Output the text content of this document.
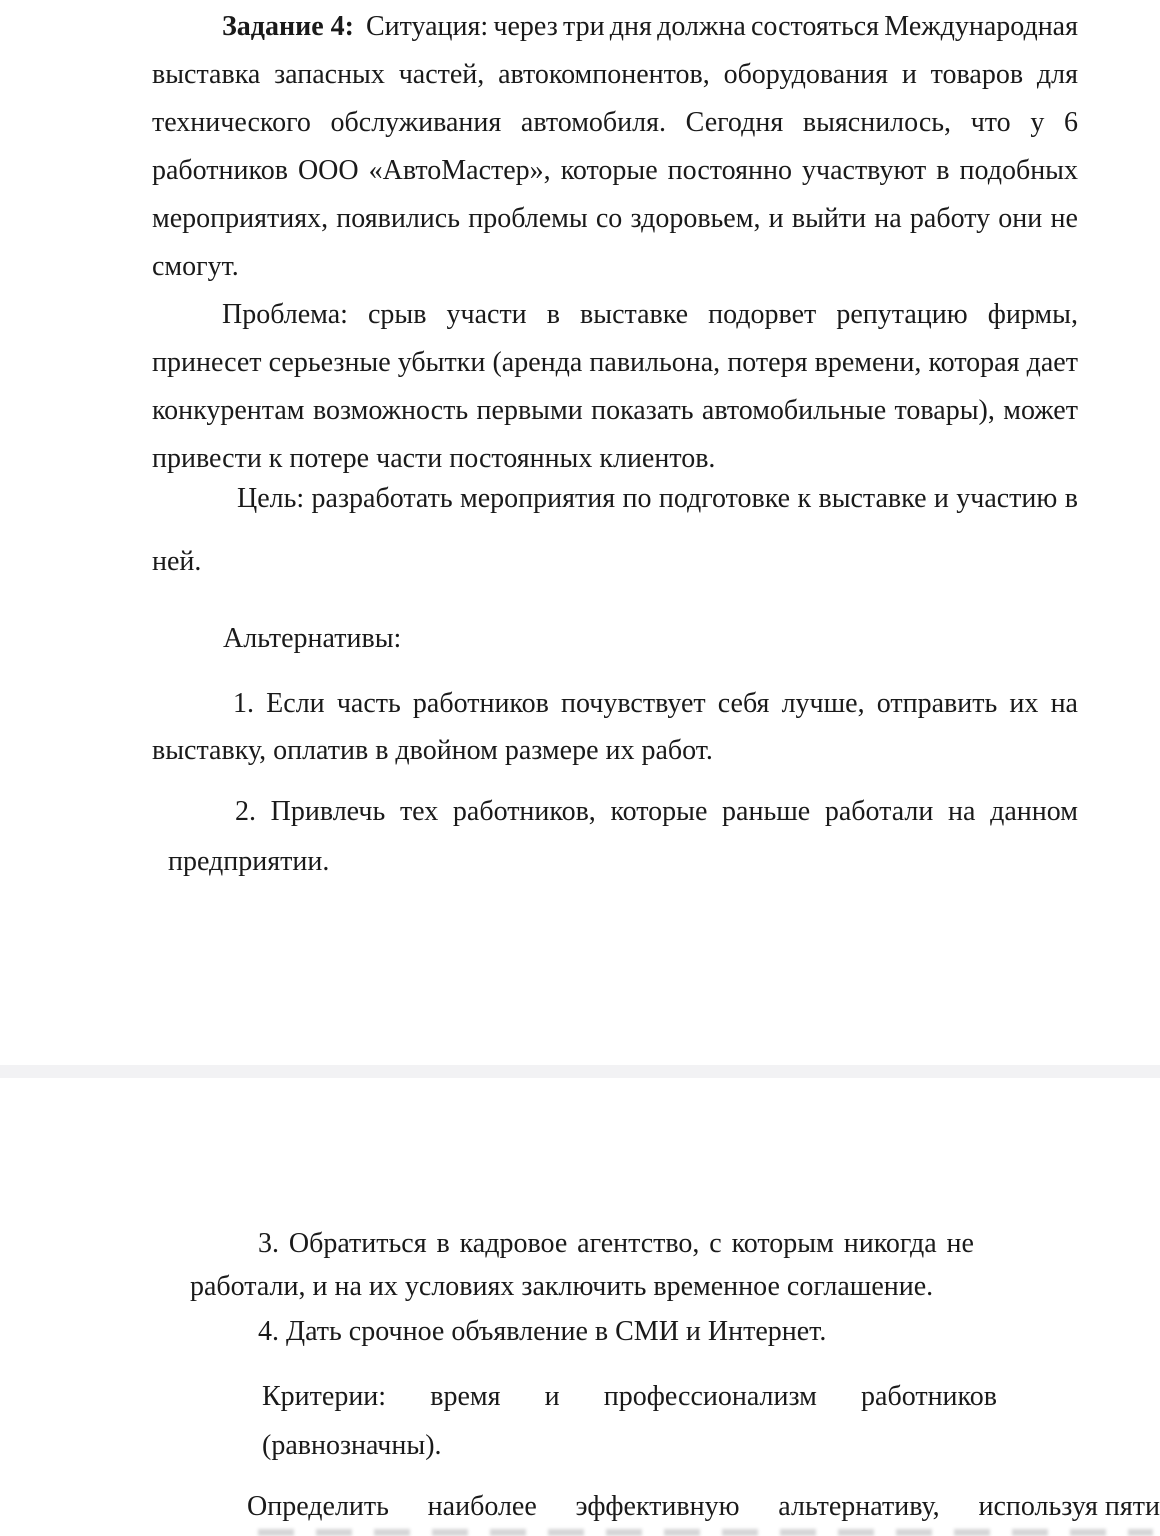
Задание 4: Ситуация: через три дня должна состояться Международная
выставка запасных частей, автокомпонентов, оборудования и товаров для
технического обслуживания автомобиля. Сегодня выяснилось, что у 6
работников ООО «АвтоМастер», которые постоянно участвуют в подобных
мероприятиях, появились проблемы со здоровьем, и выйти на работу они не
смогут.
Проблема: срыв участи в выставке подорвет репутацию фирмы,
принесет серьезные убытки (аренда павильона, потеря времени, которая дает
конкурентам возможность первыми показать автомобильные товары), может
привести к потере части постоянных клиентов.
Цель: разработать мероприятия по подготовке к выставке и участию в
ней.
Альтернативы:
1. Если часть работников почувствует себя лучше, отправить их на
выставку, оплатив в двойном размере их работ.
2. Привлечь тех работников, которые раньше работали на данном
предприятии.
3. Обратиться в кадровое агентство, с которым никогда не
работали, и на их условиях заключить временное соглашение.
4. Дать срочное объявление в СМИ и Интернет.
Критерии: время и профессионализм работников
(равнозначны).
Определить наиболее эффективную альтернативу, используя пяти
